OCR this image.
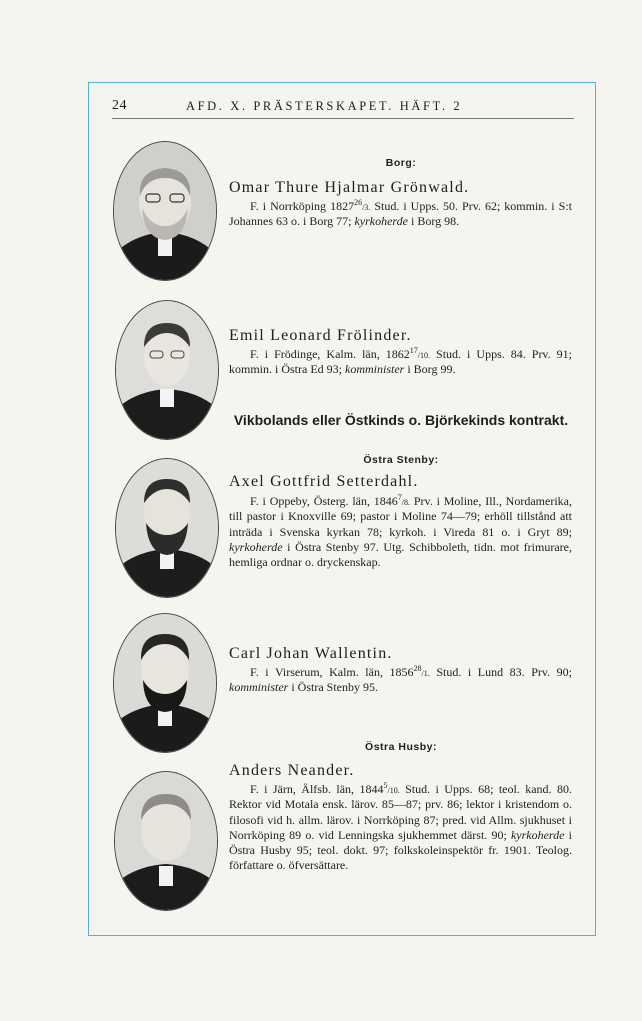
24	AFD. X. PRÄSTERSKAPET. HÄFT. 2
Borg:
Vikbolands eller Östkinds o. Björkekinds kontrakt.
Östra Stenby:
Östra Husby:
Omar Thure Hjalmar Grönwald.
F. i Norrköping 1827$^{26}$/3. Stud. i Upps. 50. Prv. 62; kommin. i S:t Johannes 63 o. i Borg 77; kyrkoherde i Borg 98.
Emil Leonard Frölinder.
F. i Frödinge, Kalm. län, 1862$^{17}$/10. Stud. i Upps. 84. Prv. 91; kommin. i Östra Ed 93; komminister i Borg 99.
Axel Gottfrid Setterdahl.
F. i Oppeby, Österg. län, 1846$^7$/8. Prv. i Moline, Ill., Nordamerika, till pastor i Knoxville 69; pastor i Moline 74—79; erhöll tillstånd att inträda i Svenska kyrkan 78; kyrkoh. i Vireda 81 o. i Gryt 89; kyrkoherde i Östra Stenby 97. Utg. Schibboleth, tidn. mot frimurare, hemliga ordnar o. dryckenskap.
Carl Johan Wallentin.
F. i Virserum, Kalm. län, 1856$^{28}$/1. Stud. i Lund 83. Prv. 90; komminister i Östra Stenby 95.
Anders Neander.
F. i Järn, Älfsb. län, 1844$^5$/10. Stud. i Upps. 68; teol. kand. 80. Rektor vid Motala ensk. lärov. 85—87; prv. 86; lektor i kristendom o. filosofi vid h. allm. lärov. i Norrköping 87; pred. vid Allm. sjukhuset i Norrköping 89 o. vid Lenningska sjukhemmet därst. 90; kyrkoherde i Östra Husby 95; teol. dokt. 97; folkskoleinspektör fr. 1901. Teolog. författare o. öfversättare.
